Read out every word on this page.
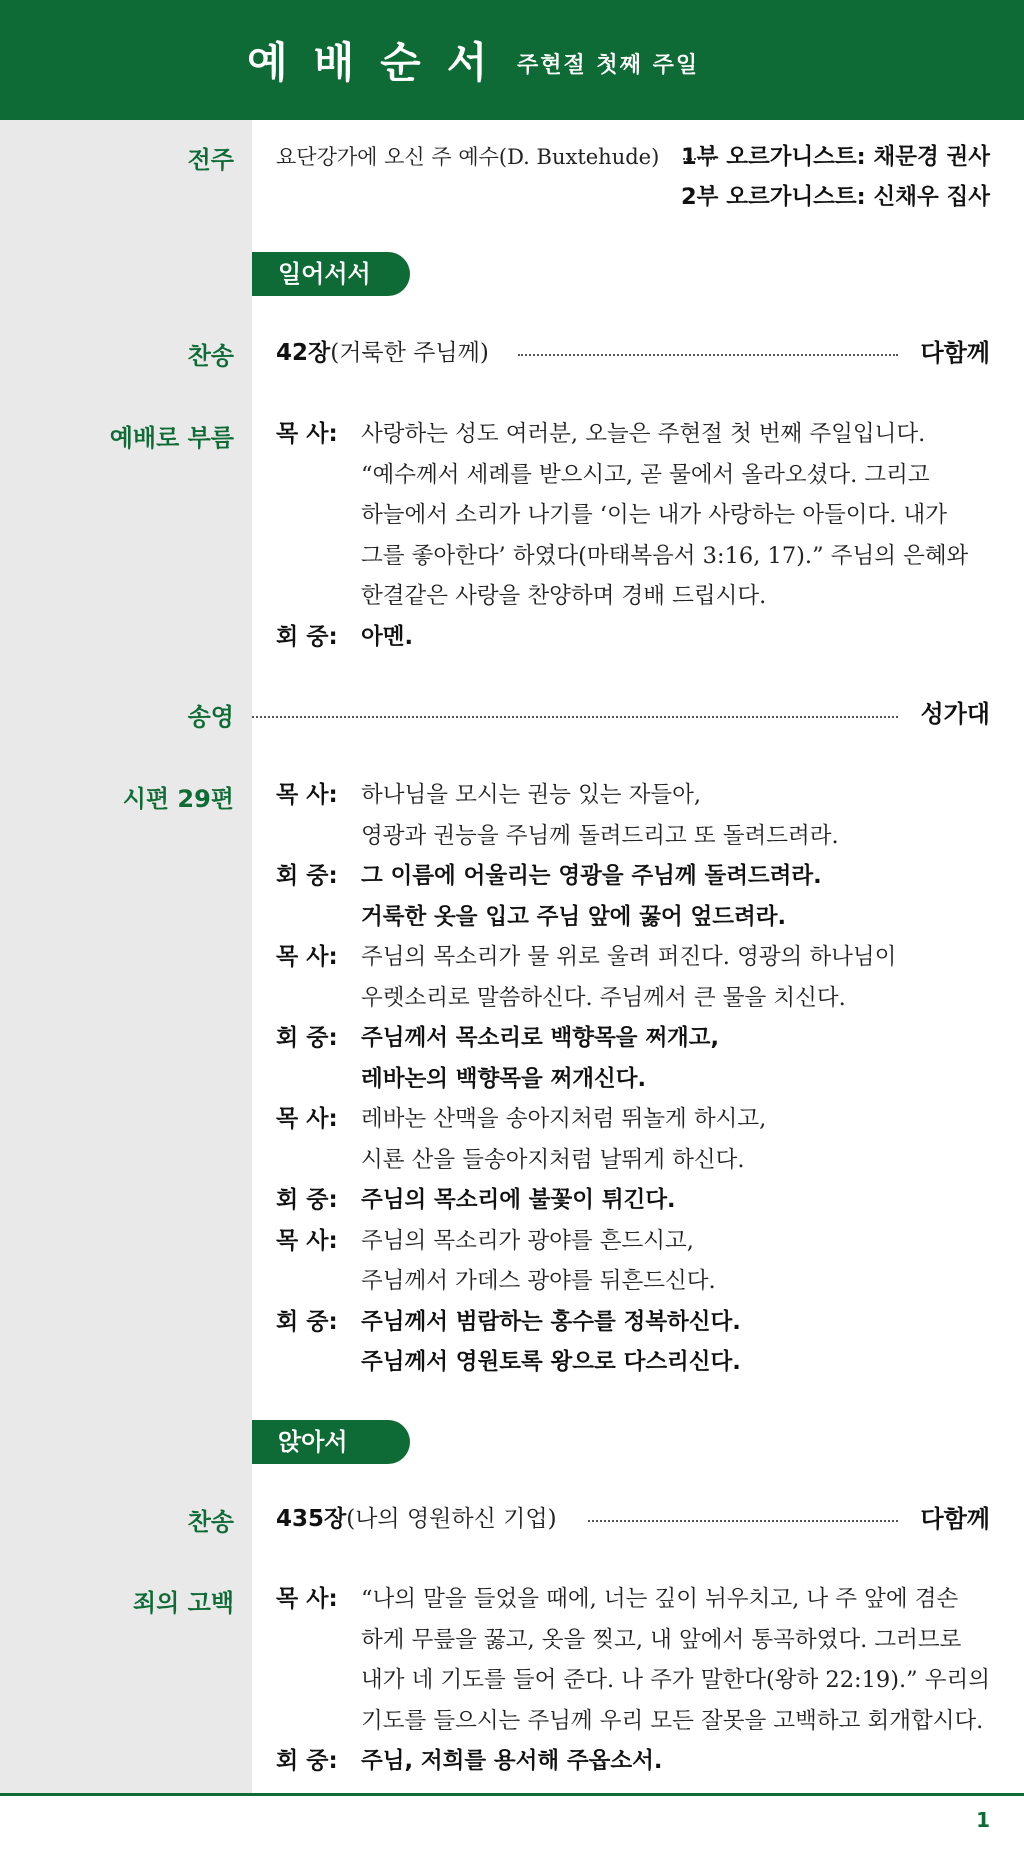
예배순서 주현절 첫째 주일
전주 요단강가에 오신 주 예수(D. Buxtehude) 1부 오르가니스트: 채문경 권사
2부 오르가니스트: 신채우 집사
일어서서
찬송 42장(거룩한 주님께)	다함께
예배로 부름 목 사: 사랑하는 성도 여러분, 오늘은 주현절 첫 번째 주일입니다.
“예수께서 세례를 받으시고, 곧 물에서 올라오셨다. 그리고
하늘에서 소리가 나기를 ‘이는 내가 사랑하는 아들이다. 내가
그를 좋아한다’ 하였다(마태복음서 3:16, 17).” 주님의 은혜와
한결같은 사랑을 찬양하며 경배 드립시다.
회 중: 아멘.
송영	성가대
시편 29편 목 사: 하나님을 모시는 권능 있는 자들아,
영광과 권능을 주님께 돌려드리고 또 돌려드려라.
회 중: 그 이름에 어울리는 영광을 주님께 돌려드려라.
거룩한 옷을 입고 주님 앞에 꿇어 엎드려라.
목 사: 주님의 목소리가 물 위로 울려 퍼진다. 영광의 하나님이
우렛소리로 말씀하신다. 주님께서 큰 물을 치신다.
회 중: 주님께서 목소리로 백향목을 쩌개고,
레바논의 백향목을 쩌개신다.
목 사: 레바논 산맥을 송아지처럼 뛰놀게 하시고,
시룐 산을 들송아지처럼 날뛰게 하신다.
회 중: 주님의 목소리에 불꽃이 튀긴다.
목 사: 주님의 목소리가 광야를 흔드시고,
주님께서 가데스 광야를 뒤흔드신다.
회 중: 주님께서 범람하는 홍수를 정복하신다.
주님께서 영원토록 왕으로 다스리신다.
앉아서
찬송 435장(나의 영원하신 기업)	다함께
죄의 고백 목 사: “나의 말을 들었을 때에, 너는 깊이 뉘우치고, 나 주 앞에 겸손
하게 무릎을 꿇고, 옷을 찢고, 내 앞에서 통곡하였다. 그러므로
내가 네 기도를 들어 준다. 나 주가 말한다(왕하 22:19).” 우리의
기도를 들으시는 주님께 우리 모든 잘못을 고백하고 회개합시다.
회 중: 주님, 저희를 용서해 주옵소서.
1
